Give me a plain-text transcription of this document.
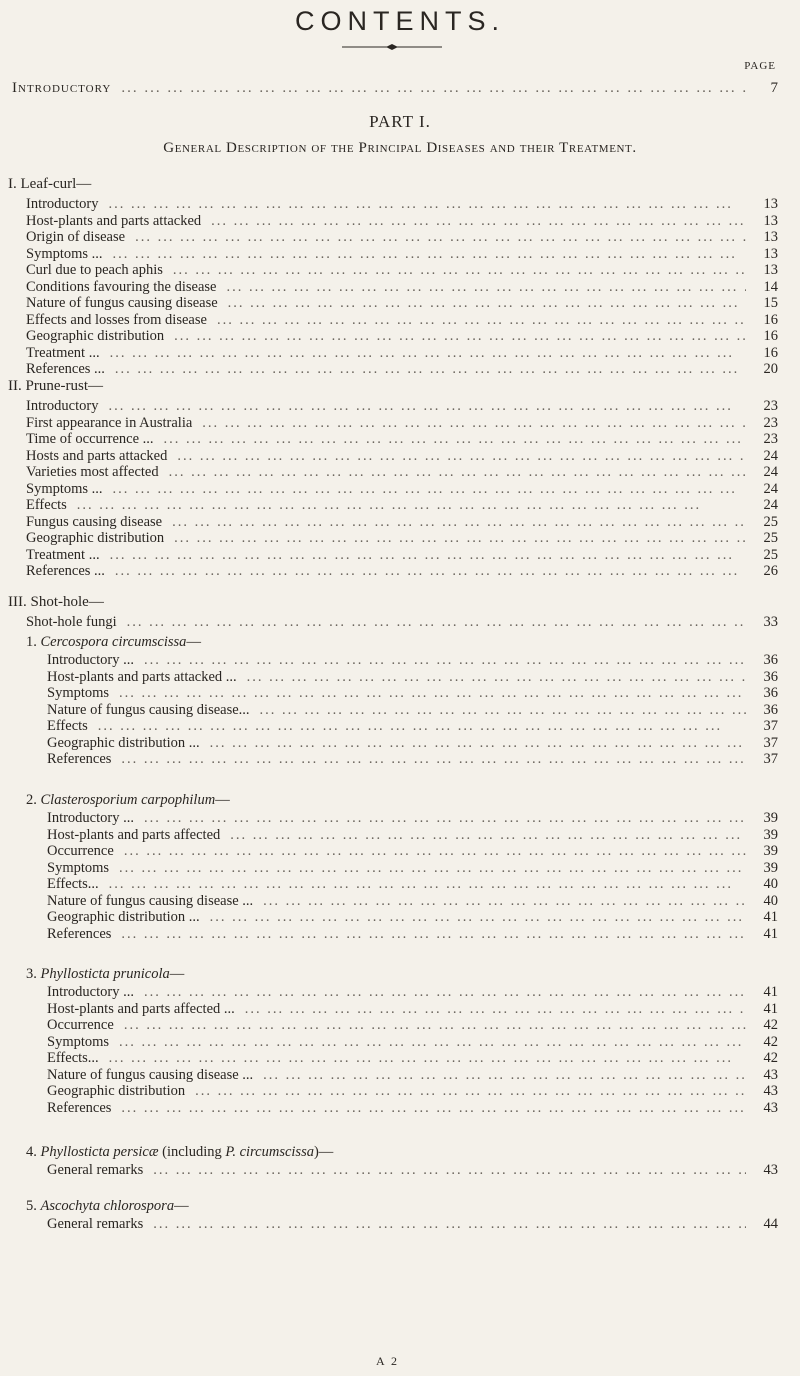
CONTENTS.
PAGE
Introductory ... .	7
PART I.
General Description of the Principal Diseases and their Treatment.
I. Leaf-curl—
Introductory ... .	13
Host-plants and parts attacked ... .	13
Origin of disease ... .	13
Symptoms ... ... .	13
Curl due to peach aphis ... .	13
Conditions favouring the disease ... .	14
Nature of fungus causing disease ... .	15
Effects and losses from disease ... .	16
Geographic distribution ... .	16
Treatment ... ... .	16
References ... ... .	20
II. Prune-rust—
Introductory ... .	23
First appearance in Australia ... .	23
Time of occurrence ... ... .	23
Hosts and parts attacked ... .	24
Varieties most affected ... .	24
Symptoms ... ... .	24
Effects ... .	24
Fungus causing disease ... .	25
Geographic distribution ... .	25
Treatment ... ... .	25
References ... ... .	26
III. Shot-hole—
Shot-hole fungi ... .	33
1. Cercospora circumscissa—
Introductory ... ... .	36
Host-plants and parts attacked ... ... .	36
Symptoms ... .	36
Nature of fungus causing disease... ... .	36
Effects ... .	37
Geographic distribution ... ... .	37
References ... .	37
2. Clasterosporium carpophilum—
Introductory ... ... .	39
Host-plants and parts affected ... .	39
Occurrence ... .	39
Symptoms ... .	39
Effects... ... .	40
Nature of fungus causing disease ... ... .	40
Geographic distribution ... ... .	41
References ... .	41
3. Phyllosticta prunicola—
Introductory ... ... .	41
Host-plants and parts affected ... ... .	41
Occurrence ... .	42
Symptoms ... .	42
Effects... ... .	42
Nature of fungus causing disease ... ... .	43
Geographic distribution ... .	43
References ... .	43
4. Phyllosticta persicæ (including P. circumscissa)—
General remarks ... .	43
5. Ascochyta chlorospora—
General remarks ... .	44
A 2
